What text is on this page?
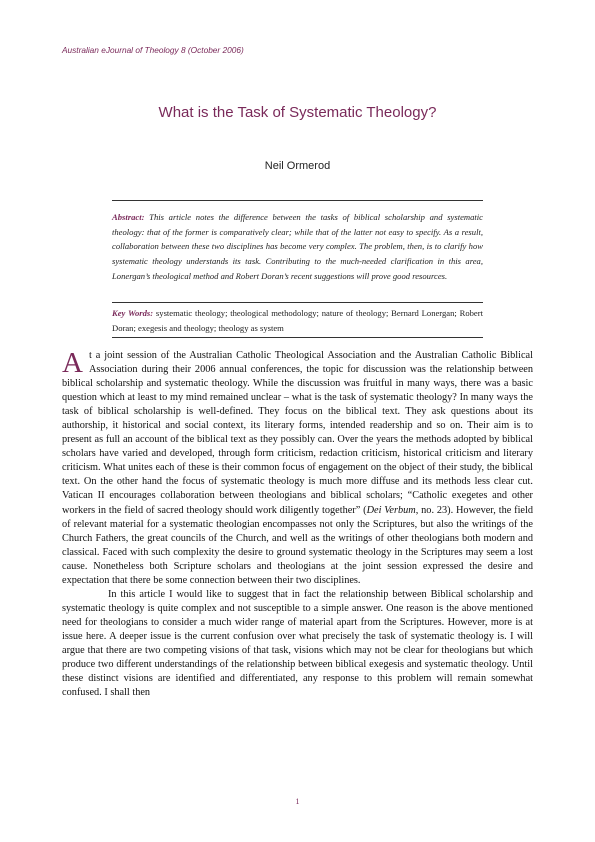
Australian eJournal of Theology 8 (October 2006)
What is the Task of Systematic Theology?
Neil Ormerod
Abstract: This article notes the difference between the tasks of biblical scholarship and systematic theology: that of the former is comparatively clear; while that of the latter not easy to specify. As a result, collaboration between these two disciplines has become very complex. The problem, then, is to clarify how systematic theology understands its task. Contributing to the much-needed clarification in this area, Lonergan’s theological method and Robert Doran’s recent suggestions will prove good resources.
Key Words: systematic theology; theological methodology; nature of theology; Bernard Lonergan; Robert Doran; exegesis and theology; theology as system

At a joint session of the Australian Catholic Theological Association and the Australian Catholic Biblical Association during their 2006 annual conferences, the topic for discussion was the relationship between biblical scholarship and systematic theology. While the discussion was fruitful in many ways, there was a basic question which at least to my mind remained unclear – what is the task of systematic theology? In many ways the task of biblical scholarship is well-defined. They focus on the biblical text. They ask questions about its authorship, it historical and social context, its literary forms, intended readership and so on. Their aim is to present as full an account of the biblical text as they possibly can. Over the years the methods adopted by biblical scholars have varied and developed, through form criticism, redaction criticism, historical criticism and literary criticism. What unites each of these is their common focus of engagement on the object of their study, the biblical text. On the other hand the focus of systematic theology is much more diffuse and its methods less clear cut. Vatican II encourages collaboration between theologians and biblical scholars; “Catholic exegetes and other workers in the field of sacred theology should work diligently together” (Dei Verbum, no. 23). However, the field of relevant material for a systematic theologian encompasses not only the Scriptures, but also the writings of the Church Fathers, the great councils of the Church, and well as the writings of other theologians both modern and classical. Faced with such complexity the desire to ground systematic theology in the Scriptures may seem a lost cause. Nonetheless both Scripture scholars and theologians at the joint session expressed the desire and expectation that there be some connection between their two disciplines.

In this article I would like to suggest that in fact the relationship between Biblical scholarship and systematic theology is quite complex and not susceptible to a simple answer. One reason is the above mentioned need for theologians to consider a much wider range of material apart from the Scriptures. However, more is at issue here. A deeper issue is the current confusion over what precisely the task of systematic theology is. I will argue that there are two competing visions of that task, visions which may not be clear for theologians but which produce two different understandings of the relationship between biblical exegesis and systematic theology. Until these distinct visions are identified and differentiated, any response to this problem will remain somewhat confused. I shall then

1
